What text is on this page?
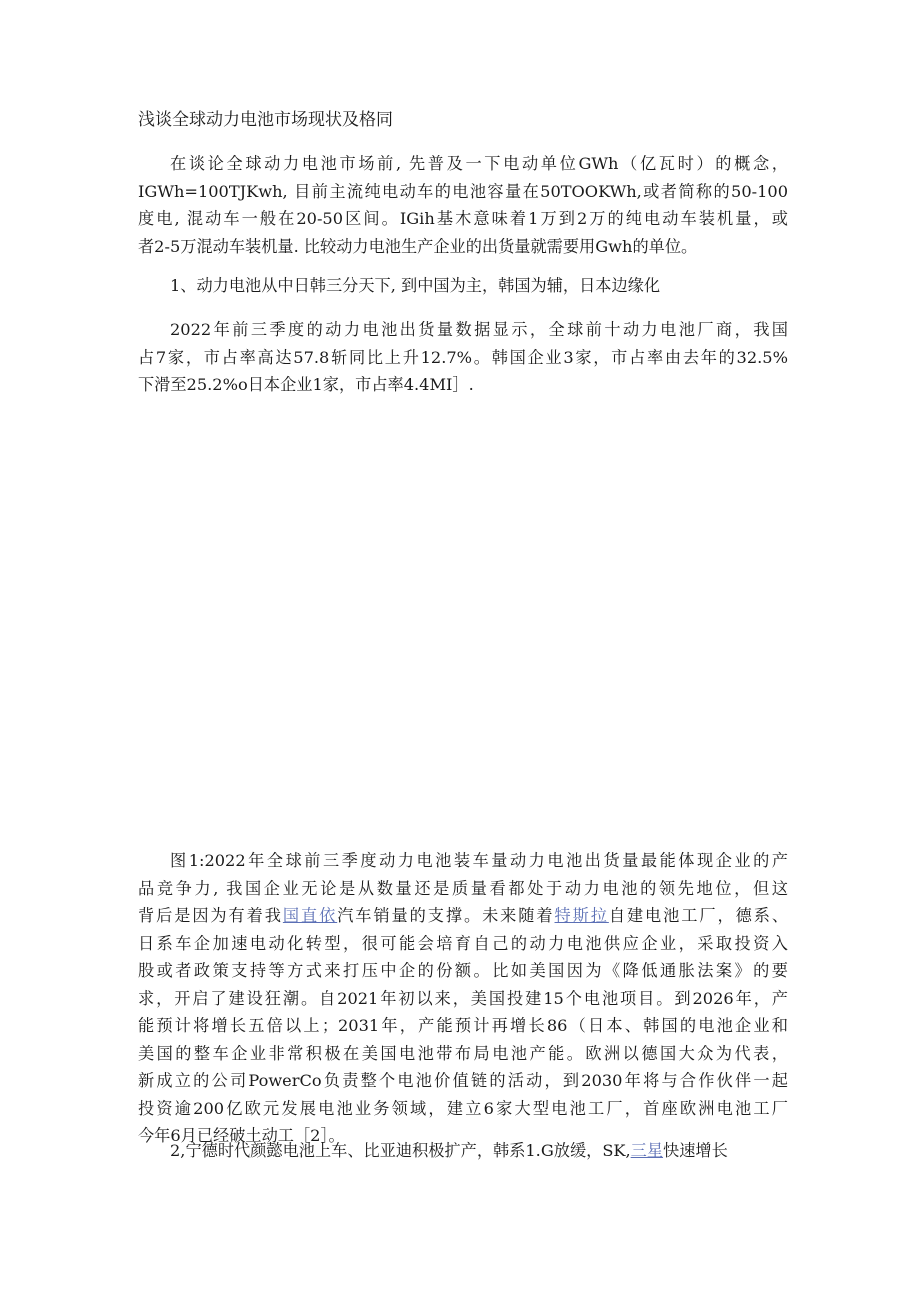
浅谈全球动力电池市场现状及格同
在谈论全球动力电池市场前, 先普及一下电动单位GWh（亿瓦时）的概念，
IGWh=100TJKwh, 目前主流纯电动车的电池容量在50TOOKWh,或者简称的50-100
度电, 混动车一般在20-50区间。IGih基木意味着1万到2万的纯电动车装机量，或
者2-5万混动车装机量. 比较动力电池生产企业的出货量就需要用Gwh的单位。
1、动力电池从中日韩三分天下, 到中国为主，韩国为辅，日本边缘化
2022年前三季度的动力电池出货量数据显示，全球前十动力电池厂商，我国
占7家，市占率高达57.8斩同比上升12.7%。韩国企业3家，市占率由去年的32.5%
下滑至25.2%o日本企业1家，市占率4.4MI］.
图1:2022年全球前三季度动力电池装车量动力电池出货量最能体现企业的产
品竞争力, 我国企业无论是从数量还是质量看都处于动力电池的领先地位，但这
背后是因为有着我国直依汽车销量的支撑。未来随着特斯拉自建电池工厂，德系、
日系车企加速电动化转型，很可能会培育自己的动力电池供应企业，采取投资入
股或者政策支持等方式来打压中企的份额。比如美国因为《降低通胀法案》的要
求，开启了建设狂潮。自2021年初以来，美国投建15个电池项目。到2026年，产
能预计将增长五倍以上；2031年，产能预计再增长86（日本、韩国的电池企业和
美国的整车企业非常积极在美国电池带布局电池产能。欧洲以德国大众为代表，
新成立的公司PowerCo负责整个电池价值链的活动，到2030年将与合作伙伴一起
投资逾200亿欧元发展电池业务领域，建立6家大型电池工厂，首座欧洲电池工厂
今年6月已经破土动工［2］。
2,宁德时代颜懿电池上车、比亚迪积极扩产，韩系1.G放缓，SK,三星快速增长
